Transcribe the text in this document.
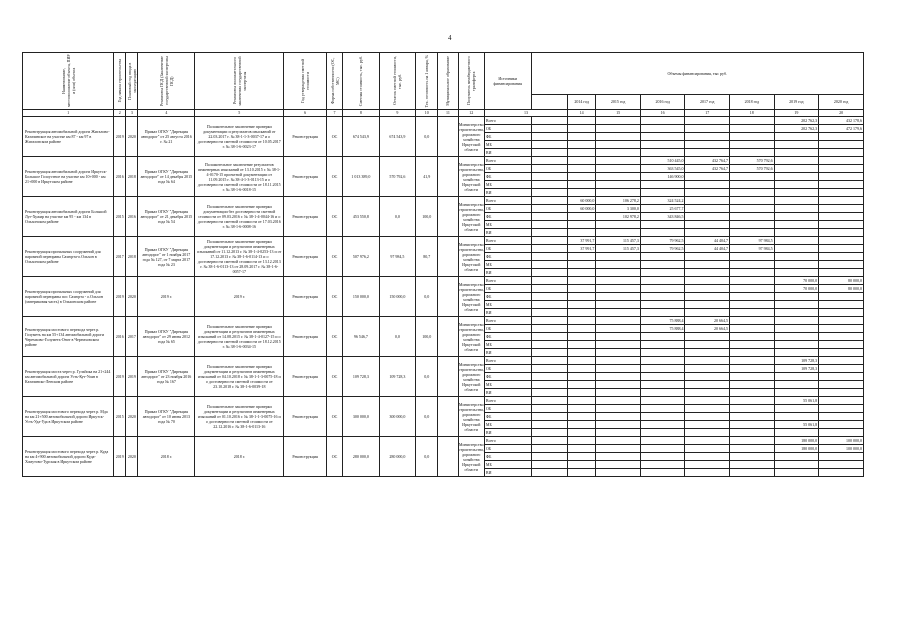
4
Наименование, местоположение объекта, ПИР и (или) объекта	Год начала строительства	Плановый год ввода в эксплуатацию	Реквизиты ПСД (Заключение государственной экспертизы ПСД)	Реквизиты положительного заключения государственной экспертизы	Год утверждения сметной стоимости	Форма собственности (ОС, МС)	Сметная стоимость, тыс. руб.	Остаток сметной стоимости, тыс. руб.	Тех. готовность на 1 января, %	Муниципальное образование	Получатель межбюджетного трансферта	Источники финансирования	Объемы финансирования, тыс руб.							
														2014 год	2015 год	2016 год	2017 год	2018 год	2019 год	2020 год
1	2	3	4	5	6	7	8	9	10	11	12	13		14	15	16	17	18	19	20
Реконструкция автомобильной дороги Жигалово-Казачинское на участке км 87 - км 97 в Жигаловском районе	2019	2020	Приказ ОГКУ "Дирекция автодорог" от 25 августа 2016 г. № 21	Положительное заключение проверки документации и результатов изысканий от 22.03.2017 г. № 38-1-1-3-0037-17 и о достоверности сметной стоимости от 10.05.2017 г. № 38-1-6-0023-17	Реконструкция	ОС	674 543,9	674 543,9	0,0		Министерство строительства, дорожного хозяйства Иркутской области	Всего							202 762,3	432 178,6
												ОБ							202 762,3	472 179,6
												ФБ								
												МБ								
												ВИ								
Реконструкция автомобильной дороги Иркутск-Большое Голоустное на участке км 10+000 - км 21+000 в Иркутском районе	2016	2018	Приказ ОГКУ "Дирекция автодорог" от 14 декабря 2015 года № 64	Положительное заключение результатов инженерных изысканий от 13.10.2015 г. № 38-1-4-0170-15 проектной документации от 11.09.2015 г. № 38-4-1-3-0113-15 и о достоверности сметной стоимости от 18.11.2015 г. № 38-1-6-0018-15	Реконструкция	ОС	1 013 389,0	570 792,6	41,9		Министерство строительства, дорожного хозяйства Иркутской области	Всего				510 445,0	432 764,7	570 792,6		
												ОБ				363 545,0	432 764,7	570 792,6		
												ФБ				146 900,0				
												МБ								
												ВИ								
Реконструкция автомобильной дороги Большой Луг-Хужир на участке км 95 - км 134 в Ольхонском районе	2015	2016	Приказ ОГКУ "Дирекция автодорог" от 21 декабря 2015 года № 54	Положительное заключение проверки документации без достоверности сметной стоимости от 09.03.2016 г. № 38-1-4-0044-16 и о достоверности сметной стоимости от 17.03.2016 г. № 38-1-6-0008-16	Реконструкция	ОС	453 550,8	0,0	100,0		Министерство строительства, дорожного хозяйства Иркутской области	Всего		60 000,0	106 278,2	324 524,2				
												ОБ		60 000,0	3 300,0	25 677,7				
												ФБ			102 978,2	343 846,5				
												МБ								
												ВИ								
Реконструкция причальных сооружений для паромной переправы Сахюрта-о.Ольхон в Ольхонском районе	2017	2018	Приказ ОГКУ "Дирекция автодорог" от 1 ноября 2017 года № 127, от 7 марта 2017 года № 23	Положительное заключение проверки документации и результатов инженерных изысканий от 11.12.2013 г. № 38-1-4-0253-13 и от 17.12.2013 г. № 38-1-6-0114-13 и о достоверности сметной стоимости от 13.12.2013 г. № 38-1-6-0113-13 от 28.09.2017 г. № 38-1-6-0057-17	Реконструкция	ОС	507 976,2	97 984,5	80,7		Министерство строительства, дорожного хозяйства Иркутской области	Всего		37 991,7	115 457,3	79 962,5	44 404,7	97 984,5		
												ОБ		37 991,7	115 457,3	79 962,5	44 404,7	97 984,5		
												ФБ								
												МБ								
												ВИ								
Реконструкция причальных сооружений для паромной переправы пос Сахюрта - о.Ольхон (материковая часть) в Ольхонском районе	2019	2020	2019 г.	2019 г.	Реконструкция	ОС	150 000,0	150 000,0	0,0		Министерство строительства, дорожного хозяйства Иркутской области	Всего							70 000,0	80 000,0
												ОБ							70 000,0	80 000,0
												ФБ								
												МБ								
												ВИ								
Реконструкция мостового перехода через р. Голуметь на км 55+134 автомобильной дороги Черемхово-Голуметь-Онот в Черемховском районе	2016	2017	Приказ ОГКУ "Дирекция автодорог" от 29 июня 2012 года № 65	Положительное заключение проверки документации и результатов инженерных изысканий от 14.08.2015 г. № 38-1-4-0127-15 и о достоверности сметной стоимости от 18.12.2015 г. № 38-1-6-0034-15	Реконструкция	ОС	96 546,7	0,0	100,0		Министерство строительства, дорожного хозяйства Иркутской области	Всего				75 888,4	20 664,5			
												ОБ				75 888,4	20 664,5			
												ФБ								
												МБ								
												ВИ								
Реконструкция моста через р. Гульбика на 21+244 км автомобильной дороги Усть-Кут-Уоян в Казачинско-Ленском районе	2019	2019	Приказ ОГКУ "Дирекция автодорог" от 23 ноября 2016 года № 167	Положительное заключение проверки документации и результатов инженерных изысканий от 04.10.2018 г. № 38-1-1-3-0075-18 и о достоверности сметной стоимости от 23.10.2018 г. № 38-1-6-0039-18	Реконструкция	ОС	109 728,3	109 728,3	0,0		Министерство строительства, дорожного хозяйства Иркутской области	Всего							109 728,3	
												ОБ							109 728,3	
												ФБ								
												МБ								
												ВИ								
Реконструкция мостового перехода через р. Мда на км 21+500 автомобильной дороги Иркутск-Усть-Уда-Уда в Иркутском районе	2015	2020	Приказ ОГКУ "Дирекция автодорог" от 10 июня 2013 года № 70	Положительное заключение проверки документации и результатов инженерных изысканий от 01.10.2016 г. № 38-1-1-3-0075-16 и о достоверности сметной стоимости от 22.12.2016 г. № 38-1-6-0113-16	Реконструкция	ОС	300 000,0	300 000,0	0,0		Министерство строительства, дорожного хозяйства Иркутской области	Всего							55 061,8	
												ОБ								
												ФБ								
												МБ							55 061,8	
												ВИ								
Реконструкция мостового перехода через р. Куда на км 4+900 автомобильной дороги Куда-Хомутово-Турская в Иркутском районе	2019	2020	2018 г.	2018 г.	Реконструкция	ОС	280 000,0	280 000,0	0,0		Министерство строительства, дорожного хозяйства Иркутской области	Всего							180 000,0	100 000,0
												ОБ							180 000,0	100 000,0
												ФБ								
												МБ								
												ВИ								
